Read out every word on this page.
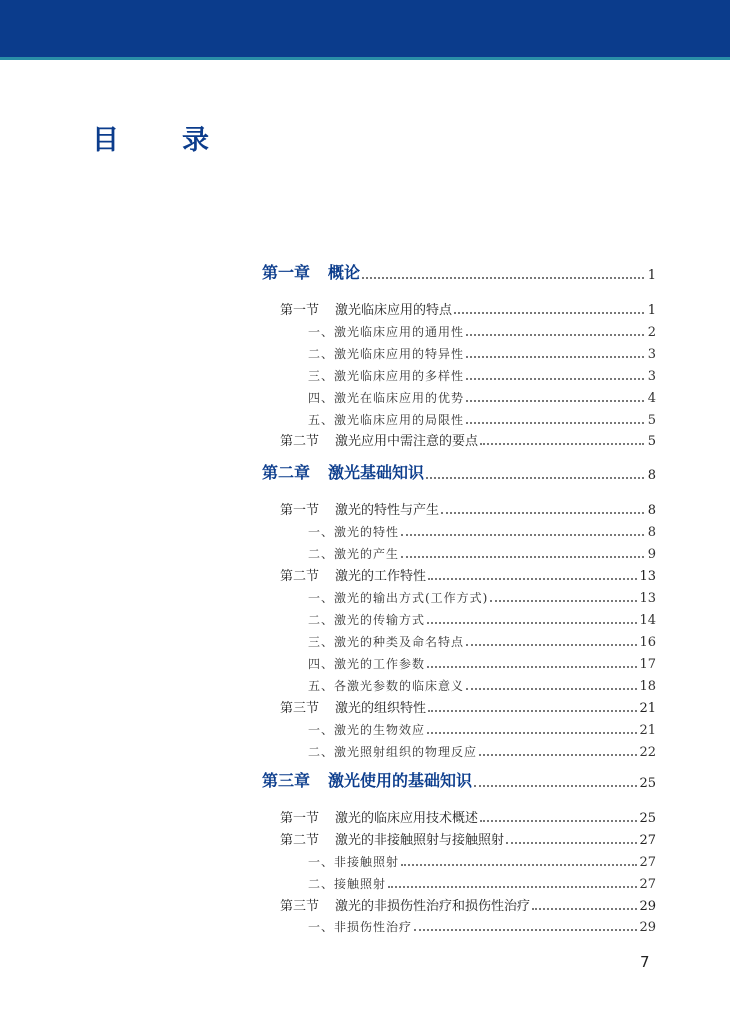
目　录
第一章 概论	1
第一节 激光临床应用的特点	1
一、激光临床应用的通用性	2
二、激光临床应用的特异性	3
三、激光临床应用的多样性	3
四、激光在临床应用的优势	4
五、激光临床应用的局限性	5
第二节 激光应用中需注意的要点	5
第二章 激光基础知识	8
第一节 激光的特性与产生	8
一、激光的特性	8
二、激光的产生	9
第二节 激光的工作特性	13
一、激光的输出方式(工作方式)	13
二、激光的传输方式	14
三、激光的种类及命名特点	16
四、激光的工作参数	17
五、各激光参数的临床意义	18
第三节 激光的组织特性	21
一、激光的生物效应	21
二、激光照射组织的物理反应	22
第三章 激光使用的基础知识	25
第一节 激光的临床应用技术概述	25
第二节 激光的非接触照射与接触照射	27
一、非接触照射	27
二、接触照射	27
第三节 激光的非损伤性治疗和损伤性治疗	29
一、非损伤性治疗	29
7
